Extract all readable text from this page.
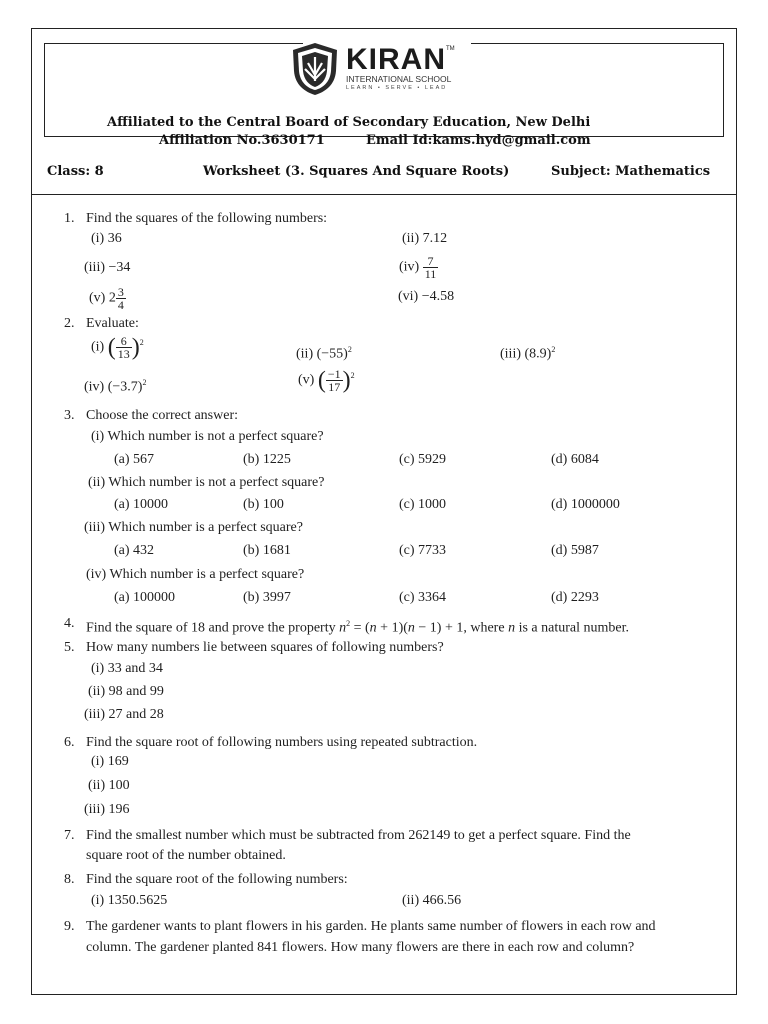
KIRAN™
INTERNATIONAL SCHOOL
LEARN • SERVE • LEAD
Affiliated to the Central Board of Secondary Education, New Delhi
Affiliation No.3630171	Email Id:kams.hyd@gmail.com
Class: 8	Worksheet (3. Squares And Square Roots)	Subject: Mathematics
1. Find the squares of the following numbers:
(i) 36	(ii) 7.12
(iii) −34	$(iv) \frac{7}{11}$
(v) $2 \frac{3}{4}$	(vi) −4.58
2. Evaluate:
(i) ( $\frac{6}{13} )^2$
(ii) $(-55)^2$	(iii) $(8.9)^2$
(iv) $(-3.7)^2$	(v) ( $\frac{-1}{17} )^2$
3. Choose the correct answer:
(i) Which number is not a perfect square?
(a) 567	(b) 1225	(c) 5929	(d) 6084
(ii) Which number is not a perfect square?
(a) 10000	(b) 100	(c) 1000	(d) 1000000
(iii) Which number is a perfect square?
(a) 432	(b) 1681	(c) 7733	(d) 5987
(iv) Which number is a perfect square?
(a) 100000	(b) 3997	(c) 3364	(d) 2293
4. Find the square of 18 and prove the property $n^2 = (n + 1)(n - 1) + 1$, where n is a natural number.
5. How many numbers lie between squares of following numbers?
(i) 33 and 34
(ii) 98 and 99
(iii) 27 and 28
6. Find the square root of following numbers using repeated subtraction.
(i) 169
(ii) 100
(iii) 196
7. Find the smallest number which must be subtracted from 262149 to get a perfect square. Find the
square root of the number obtained.
8. Find the square root of the following numbers:
(i) 1350.5625	(ii) 466.56
9. The gardener wants to plant flowers in his garden. He plants same number of flowers in each row and
column. The gardener planted 841 flowers. How many flowers are there in each row and column?
